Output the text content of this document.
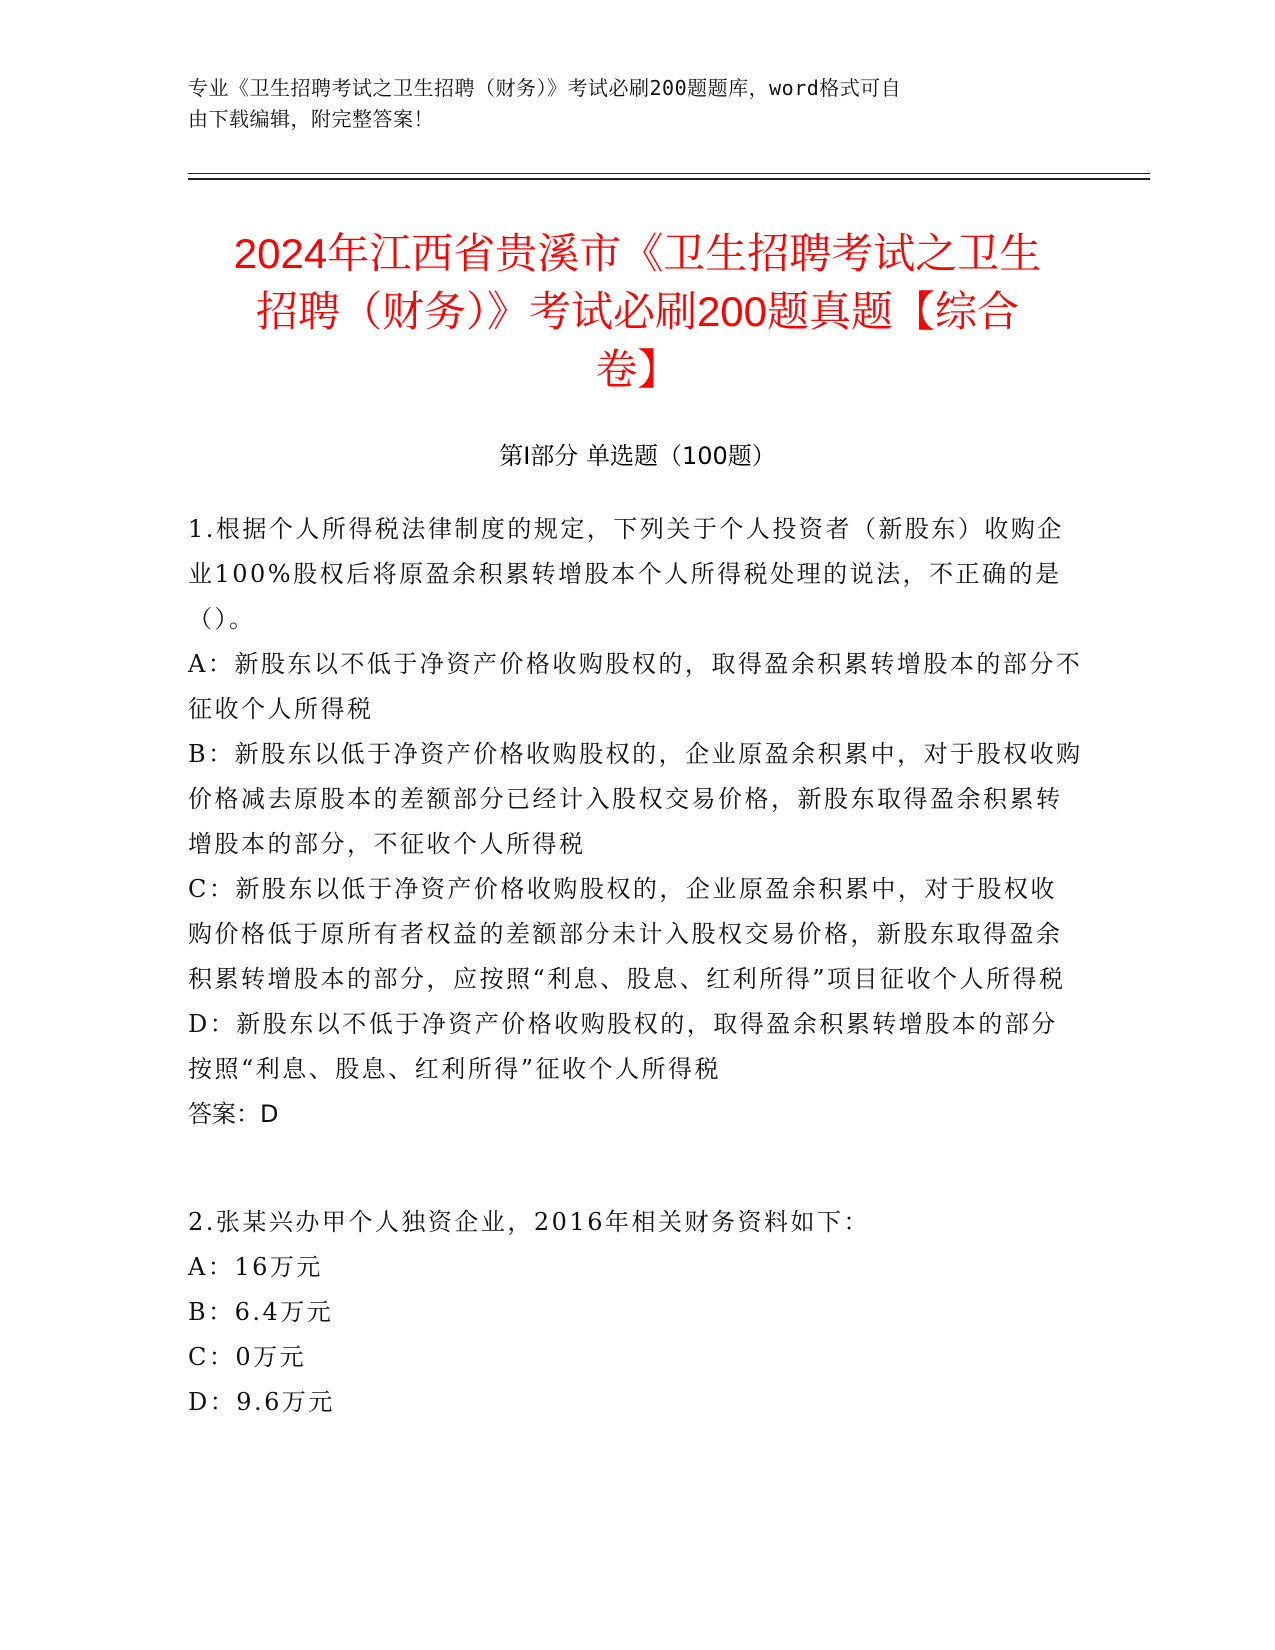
专业《卫生招聘考试之卫生招聘（财务）》考试必刷200题题库，word格式可自
由下载编辑，附完整答案！
2024年江西省贵溪市《卫生招聘考试之卫生
招聘（财务）》考试必刷200题真题【综合
卷】
第Ⅰ部分 单选题（100题）

1.根据个人所得税法律制度的规定，下列关于个人投资者（新股东）收购企业100%股权后将原盈余积累转增股本个人所得税处理的说法，不正确的是（）。

A：新股东以不低于净资产价格收购股权的，取得盈余积累转增股本的部分不征收个人所得税

B：新股东以低于净资产价格收购股权的，企业原盈余积累中，对于股权收购价格减去原股本的差额部分已经计入股权交易价格，新股东取得盈余积累转增股本的部分，不征收个人所得税

C：新股东以低于净资产价格收购股权的，企业原盈余积累中，对于股权收购价格低于原所有者权益的差额部分未计入股权交易价格，新股东取得盈余积累转增股本的部分，应按照“利息、股息、红利所得”项目征收个人所得税

D：新股东以不低于净资产价格收购股权的，取得盈余积累转增股本的部分按照“利息、股息、红利所得”征收个人所得税

答案：D

2.张某兴办甲个人独资企业，2016年相关财务资料如下：

A：16万元

B：6.4万元

C：0万元

D：9.6万元
